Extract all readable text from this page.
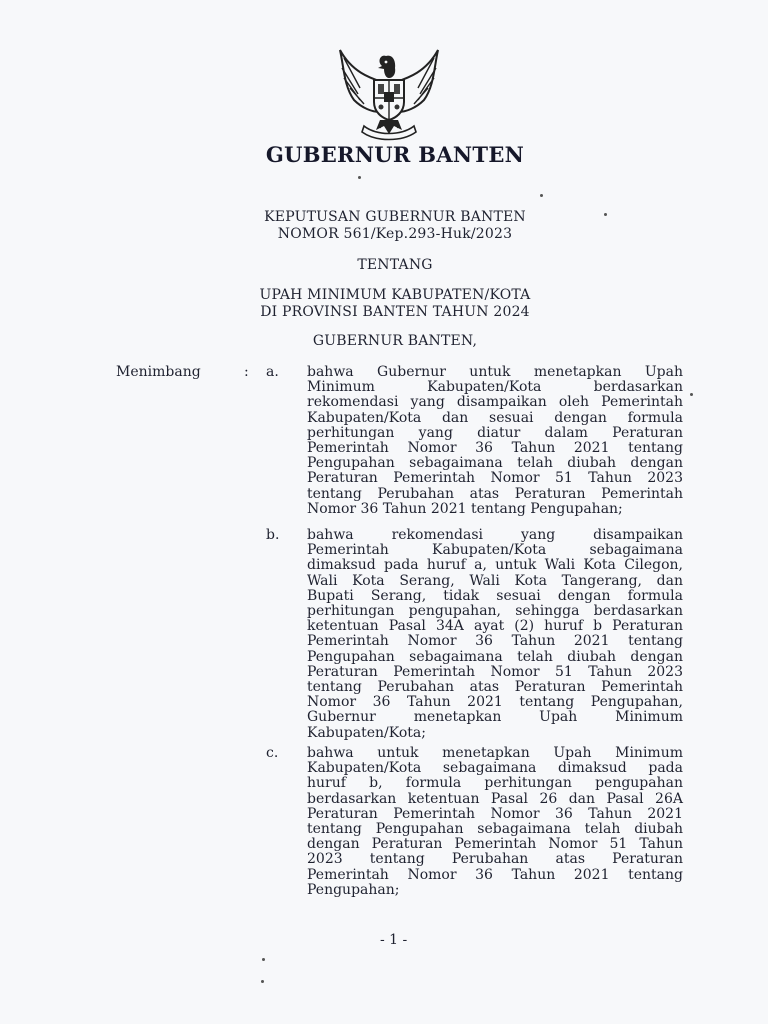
GUBERNUR BANTEN
KEPUTUSAN GUBERNUR BANTEN
NOMOR 561/Kep.293-Huk/2023
TENTANG
UPAH MINIMUM KABUPATEN/KOTA
DI PROVINSI BANTEN TAHUN 2024
GUBERNUR BANTEN,
Menimbang	: a. bahwa Gubernur untuk menetapkan Upah
Minimum Kabupaten/Kota berdasarkan
rekomendasi yang disampaikan oleh Pemerintah
Kabupaten/Kota dan sesuai dengan formula
perhitungan yang diatur dalam Peraturan
Pemerintah Nomor 36 Tahun 2021 tentang
Pengupahan sebagaimana telah diubah dengan
Peraturan Pemerintah Nomor 51 Tahun 2023
tentang Perubahan atas Peraturan Pemerintah
Nomor 36 Tahun 2021 tentang Pengupahan;
b. bahwa rekomendasi yang disampaikan
Pemerintah Kabupaten/Kota sebagaimana
dimaksud pada huruf a, untuk Wali Kota Cilegon,
Wali Kota Serang, Wali Kota Tangerang, dan
Bupati Serang, tidak sesuai dengan formula
perhitungan pengupahan, sehingga berdasarkan
ketentuan Pasal 34A ayat (2) huruf b Peraturan
Pemerintah Nomor 36 Tahun 2021 tentang
Pengupahan sebagaimana telah diubah dengan
Peraturan Pemerintah Nomor 51 Tahun 2023
tentang Perubahan atas Peraturan Pemerintah
Nomor 36 Tahun 2021 tentang Pengupahan,
Gubernur menetapkan Upah Minimum
Kabupaten/Kota;
c. bahwa untuk menetapkan Upah Minimum
Kabupaten/Kota sebagaimana dimaksud pada
huruf b, formula perhitungan pengupahan
berdasarkan ketentuan Pasal 26 dan Pasal 26A
Peraturan Pemerintah Nomor 36 Tahun 2021
tentang Pengupahan sebagaimana telah diubah
dengan Peraturan Pemerintah Nomor 51 Tahun
2023 tentang Perubahan atas Peraturan
Pemerintah Nomor 36 Tahun 2021 tentang
Pengupahan;
- 1 -
